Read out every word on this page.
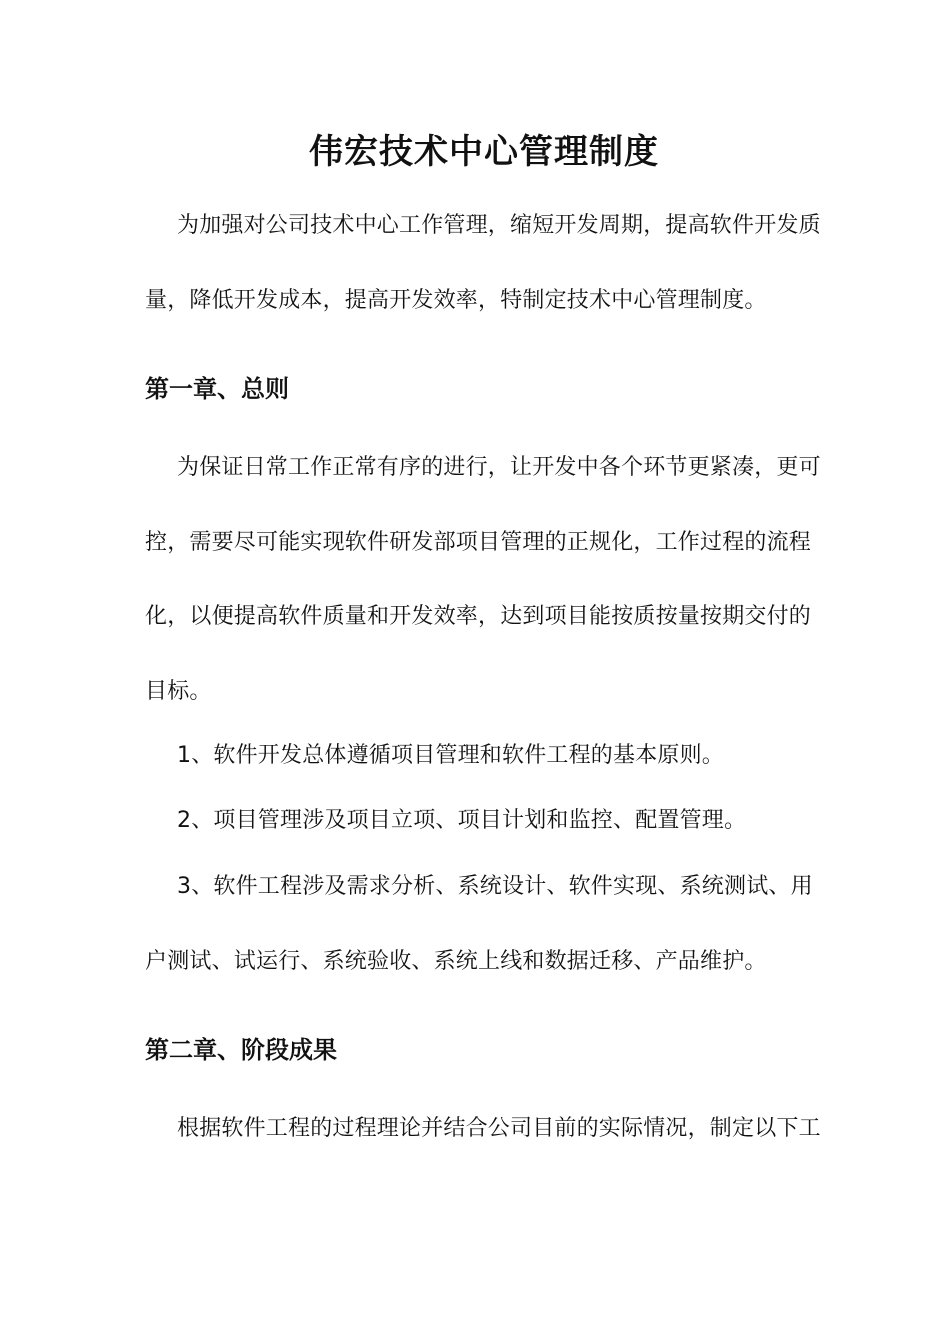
伟宏技术中心管理制度
为加强对公司技术中心工作管理，缩短开发周期，提高软件开发质
量，降低开发成本，提高开发效率，特制定技术中心管理制度。
第一章、总则
为保证日常工作正常有序的进行，让开发中各个环节更紧凑，更可
控，需要尽可能实现软件研发部项目管理的正规化，工作过程的流程
化，以便提高软件质量和开发效率，达到项目能按质按量按期交付的
目标。
1、软件开发总体遵循项目管理和软件工程的基本原则。
2、项目管理涉及项目立项、项目计划和监控、配置管理。
3、软件工程涉及需求分析、系统设计、软件实现、系统测试、用
户测试、试运行、系统验收、系统上线和数据迁移、产品维护。
第二章、阶段成果
根据软件工程的过程理论并结合公司目前的实际情况，制定以下工
